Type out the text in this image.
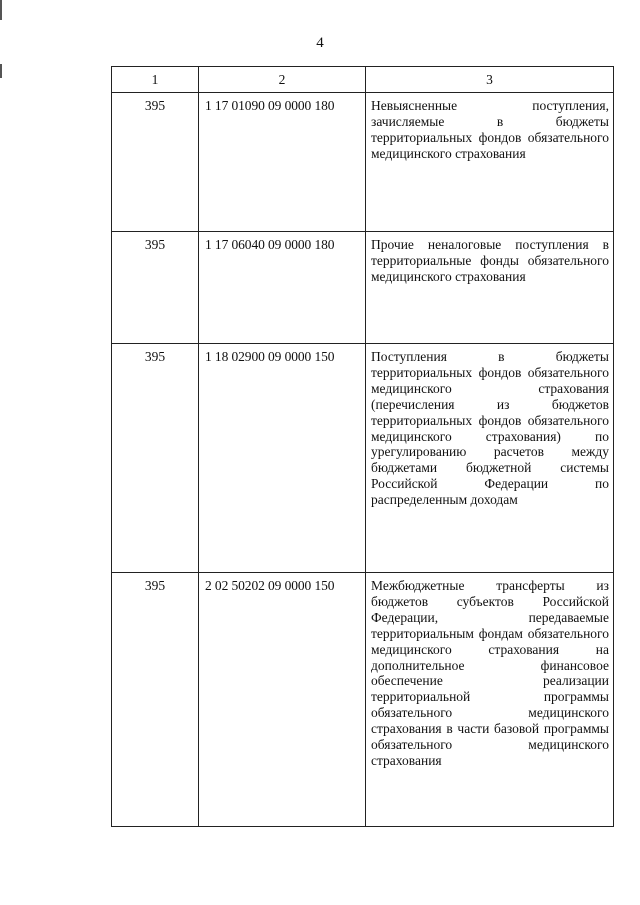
4
1	2	3
395	1 17 01090 09 0000 180	Невыясненные поступления, зачисляемые в бюджеты территориальных фондов обязательного медицинского страхования
395	1 17 06040 09 0000 180	Прочие неналоговые поступления в территориальные фонды обязательного медицинского страхования
395	1 18 02900 09 0000 150	Поступления в бюджеты территориальных фондов обязательного медицинского страхования (перечисления из бюджетов территориальных фондов обязательного медицинского страхования) по урегулированию расчетов между бюджетами бюджетной системы Российской Федерации по распределенным доходам
395	2 02 50202 09 0000 150	Межбюджетные трансферты из бюджетов субъектов Российской Федерации, передаваемые территориальным фондам обязательного медицинского страхования на дополнительное финансовое обеспечение реализации территориальной программы обязательного медицинского страхования в части базовой программы обязательного медицинского страхования
